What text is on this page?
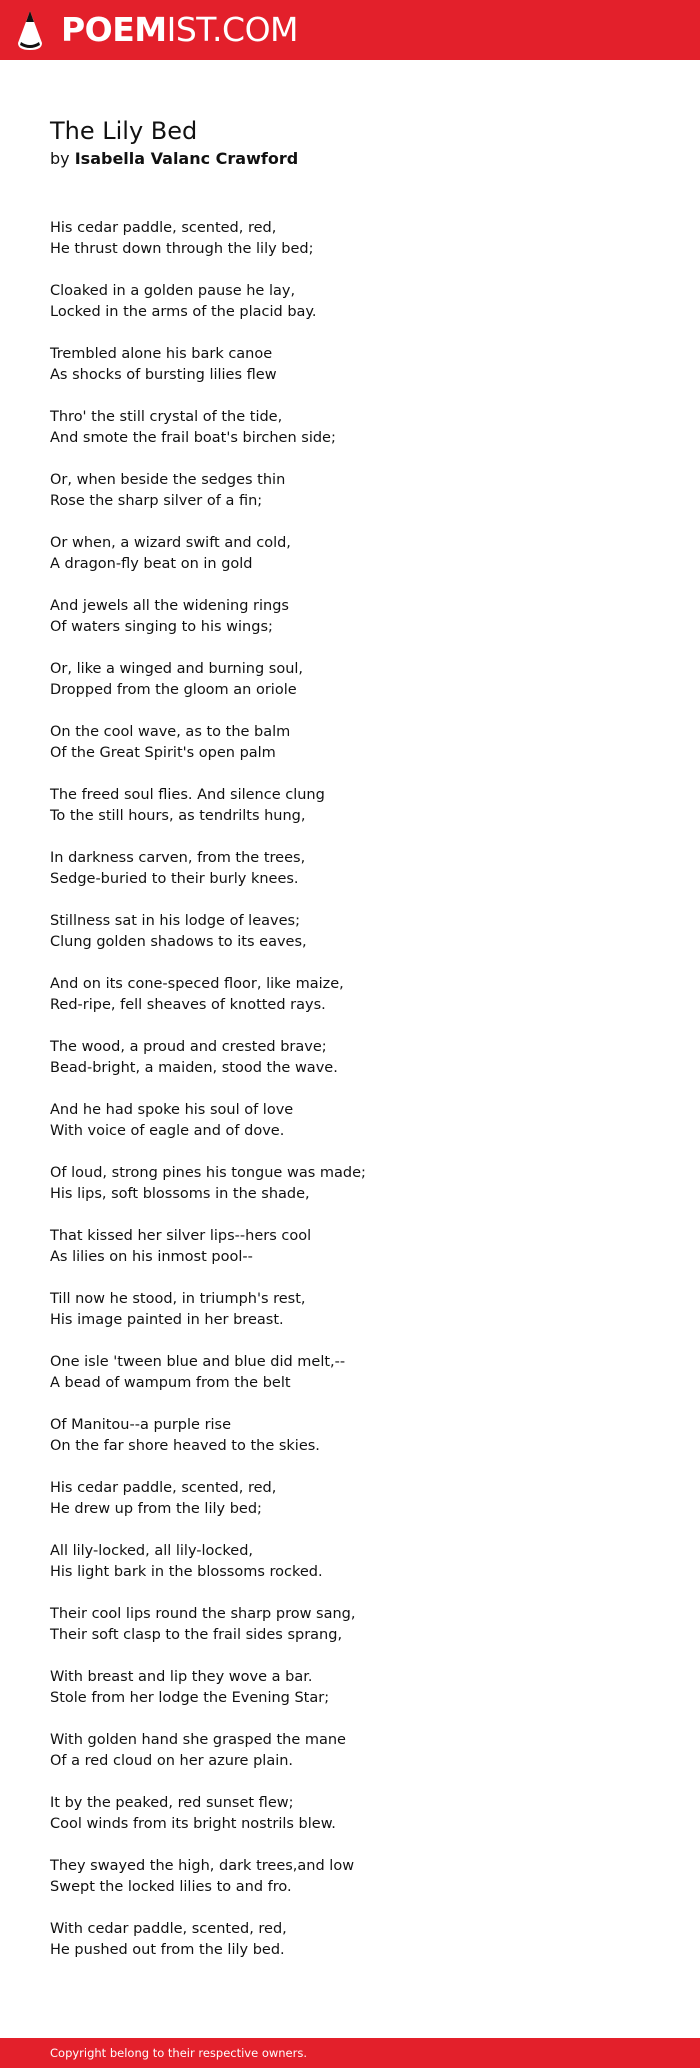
POEMIST.COM
The Lily Bed
by Isabella Valanc Crawford
His cedar paddle, scented, red,
He thrust down through the lily bed;
Cloaked in a golden pause he lay,
Locked in the arms of the placid bay.
Trembled alone his bark canoe
As shocks of bursting lilies flew
Thro' the still crystal of the tide,
And smote the frail boat's birchen side;
Or, when beside the sedges thin
Rose the sharp silver of a fin;
Or when, a wizard swift and cold,
A dragon-fly beat on in gold
And jewels all the widening rings
Of waters singing to his wings;
Or, like a winged and burning soul,
Dropped from the gloom an oriole
On the cool wave, as to the balm
Of the Great Spirit's open palm
The freed soul flies. And silence clung
To the still hours, as tendrilts hung,
In darkness carven, from the trees,
Sedge-buried to their burly knees.
Stillness sat in his lodge of leaves;
Clung golden shadows to its eaves,
And on its cone-speced floor, like maize,
Red-ripe, fell sheaves of knotted rays.
The wood, a proud and crested brave;
Bead-bright, a maiden, stood the wave.
And he had spoke his soul of love
With voice of eagle and of dove.
Of loud, strong pines his tongue was made;
His lips, soft blossoms in the shade,
That kissed her silver lips--hers cool
As lilies on his inmost pool--
Till now he stood, in triumph's rest,
His image painted in her breast.
One isle 'tween blue and blue did melt,--
A bead of wampum from the belt
Of Manitou--a purple rise
On the far shore heaved to the skies.
His cedar paddle, scented, red,
He drew up from the lily bed;
All lily-locked, all lily-locked,
His light bark in the blossoms rocked.
Their cool lips round the sharp prow sang,
Their soft clasp to the frail sides sprang,
With breast and lip they wove a bar.
Stole from her lodge the Evening Star;
With golden hand she grasped the mane
Of a red cloud on her azure plain.
It by the peaked, red sunset flew;
Cool winds from its bright nostrils blew.
They swayed the high, dark trees,and low
Swept the locked lilies to and fro.
With cedar paddle, scented, red,
He pushed out from the lily bed.
Copyright belong to their respective owners.
